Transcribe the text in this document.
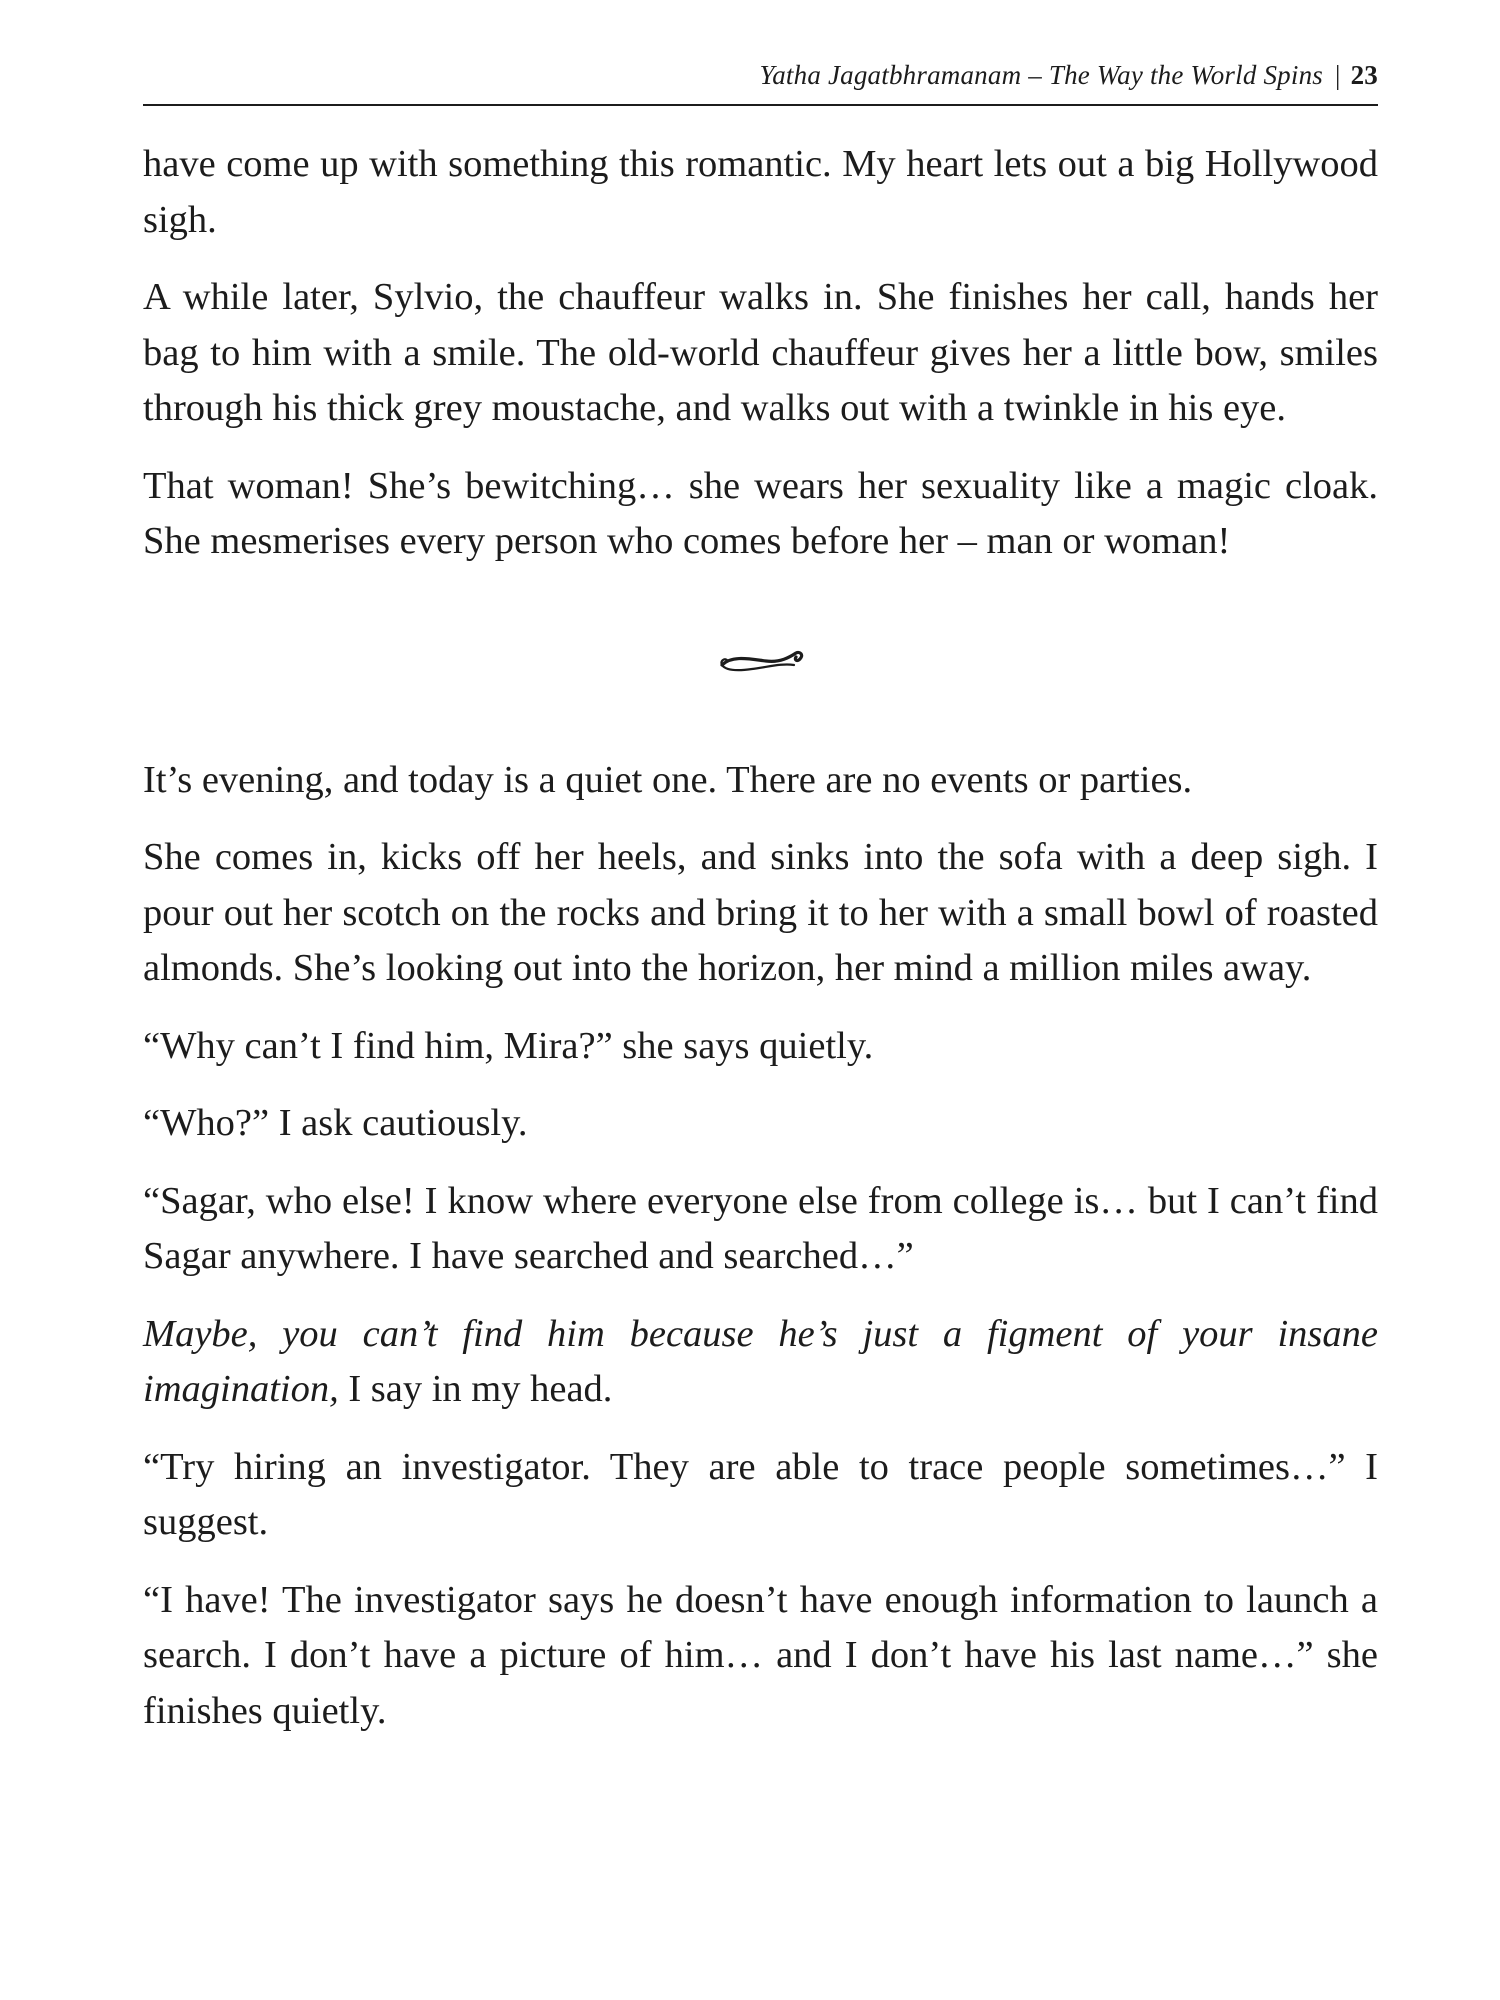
Yatha Jagatbhramanam – The Way the World Spins | 23

have come up with something this romantic. My heart lets out a big Hollywood sigh.

A while later, Sylvio, the chauffeur walks in. She finishes her call, hands her bag to him with a smile. The old-world chauffeur gives her a little bow, smiles through his thick grey moustache, and walks out with a twinkle in his eye.

That woman! She’s bewitching… she wears her sexuality like a magic cloak. She mesmerises every person who comes before her – man or woman!

It’s evening, and today is a quiet one. There are no events or parties.

She comes in, kicks off her heels, and sinks into the sofa with a deep sigh. I pour out her scotch on the rocks and bring it to her with a small bowl of roasted almonds. She’s looking out into the horizon, her mind a million miles away.

“Why can’t I find him, Mira?” she says quietly.

“Who?” I ask cautiously.

“Sagar, who else! I know where everyone else from college is… but I can’t find Sagar anywhere. I have searched and searched…”

Maybe, you can’t find him because he’s just a figment of your insane imagination, I say in my head.

“Try hiring an investigator. They are able to trace people sometimes…” I suggest.

“I have! The investigator says he doesn’t have enough information to launch a search. I don’t have a picture of him… and I don’t have his last name…” she finishes quietly.
